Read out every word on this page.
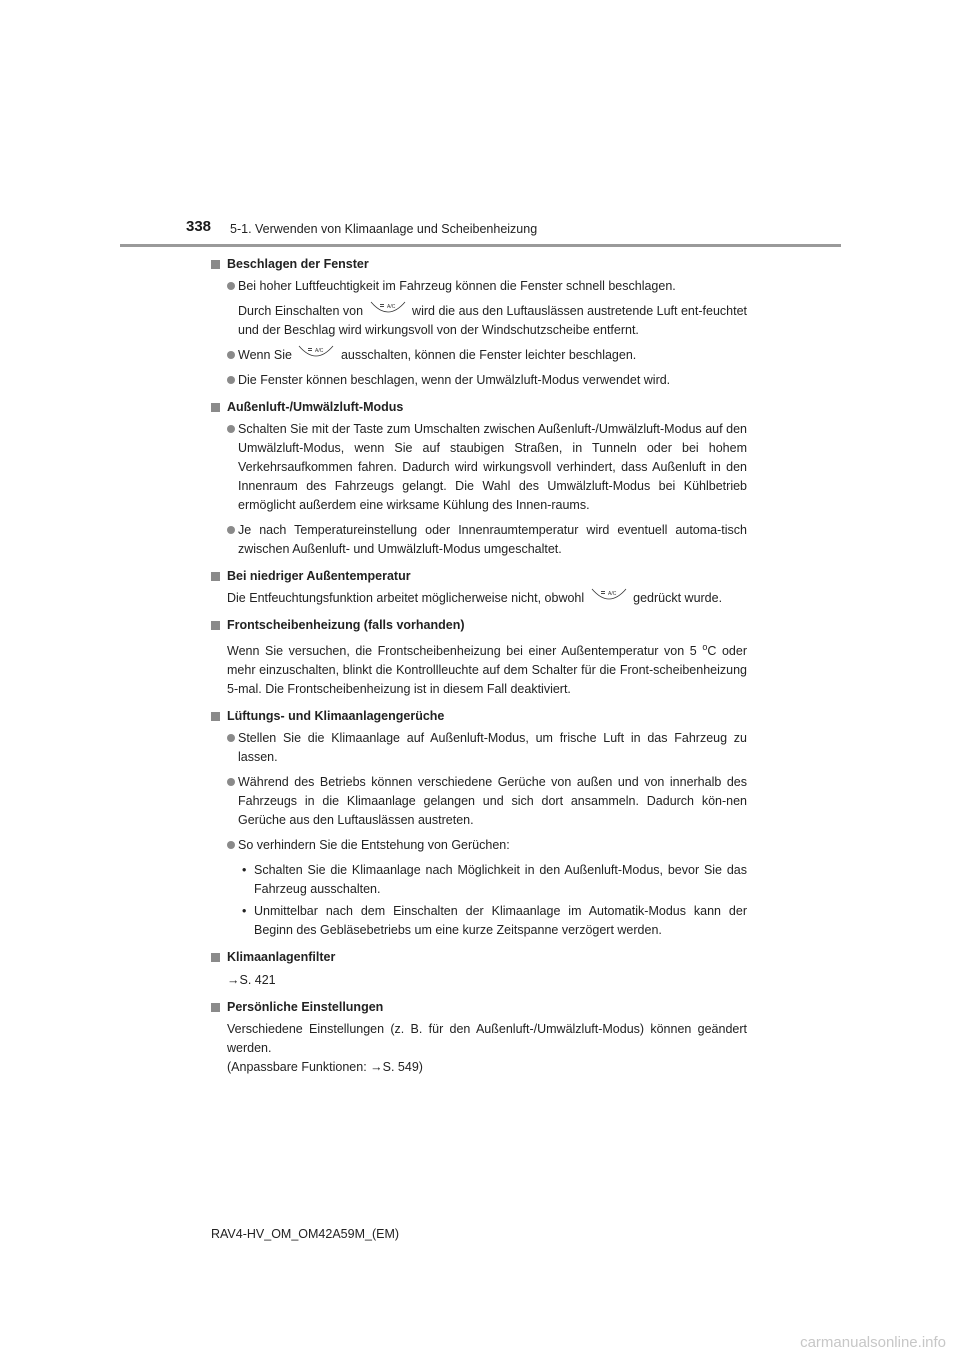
338 5-1. Verwenden von Klimaanlage und Scheibenheizung
Beschlagen der Fenster
Bei hoher Luftfeuchtigkeit im Fahrzeug können die Fenster schnell beschlagen.
Durch Einschalten von	A/C wird die aus den Luftauslässen austretende Luft ent-feuchtet und der Beschlag wird wirkungsvoll von der Windschutzscheibe entfernt.
Wenn Sie	A/C ausschalten, können die Fenster leichter beschlagen.
Die Fenster können beschlagen, wenn der Umwälzluft-Modus verwendet wird.
Außenluft-/Umwälzluft-Modus
Schalten Sie mit der Taste zum Umschalten zwischen Außenluft-/Umwälzluft-Modus auf den Umwälzluft-Modus, wenn Sie auf staubigen Straßen, in Tunneln oder bei hohem Verkehrsaufkommen fahren. Dadurch wird wirkungsvoll verhindert, dass Außenluft in den Innenraum des Fahrzeugs gelangt. Die Wahl des Umwälzluft-Modus bei Kühlbetrieb ermöglicht außerdem eine wirksame Kühlung des Innen-raums.
Je nach Temperatureinstellung oder Innenraumtemperatur wird eventuell automa-tisch zwischen Außenluft- und Umwälzluft-Modus umgeschaltet.
Bei niedriger Außentemperatur
Die Entfeuchtungsfunktion arbeitet möglicherweise nicht, obwohl	A/C gedrückt wurde.
Frontscheibenheizung (falls vorhanden)
Wenn Sie versuchen, die Frontscheibenheizung bei einer Außentemperatur von 5 $^o$C oder mehr einzuschalten, blinkt die Kontrollleuchte auf dem Schalter für die Front-scheibenheizung 5-mal. Die Frontscheibenheizung ist in diesem Fall deaktiviert.
Lüftungs- und Klimaanlagengerüche
Stellen Sie die Klimaanlage auf Außenluft-Modus, um frische Luft in das Fahrzeug zu lassen.
Während des Betriebs können verschiedene Gerüche von außen und von innerhalb des Fahrzeugs in die Klimaanlage gelangen und sich dort ansammeln. Dadurch kön-nen Gerüche aus den Luftauslässen austreten.
So verhindern Sie die Entstehung von Gerüchen:
• Schalten Sie die Klimaanlage nach Möglichkeit in den Außenluft-Modus, bevor Sie das Fahrzeug ausschalten.
• Unmittelbar nach dem Einschalten der Klimaanlage im Automatik-Modus kann der Beginn des Gebläsebetriebs um eine kurze Zeitspanne verzögert werden.
Klimaanlagenfilter
→S. 421
Persönliche Einstellungen
Verschiedene Einstellungen (z. B. für den Außenluft-/Umwälzluft-Modus) können geändert werden.
(Anpassbare Funktionen: →S. 549)
RAV4-HV_OM_OM42A59M_(EM)
carmanualsonline.info
